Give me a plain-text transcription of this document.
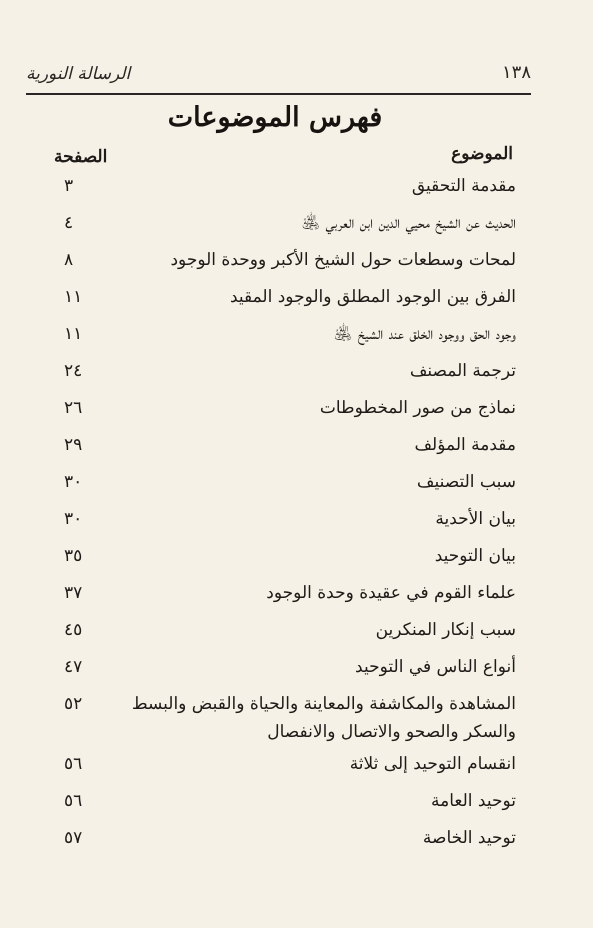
الرسالة النورية	١٣٨
فهرس الموضوعات
الموضوع
الصفحة
مقدمة التحقيق
٣
الحديث عن الشيخ محيي الدين ابن العربي ﵁
٤
لمحات وسطعات حول الشيخ الأكبر ووحدة الوجود
٨
الفرق بين الوجود المطلق والوجود المقيد
١١
وجود الحق ووجود الخلق عند الشيخ ﵁
١١
ترجمة المصنف
٢٤
نماذج من صور المخطوطات
٢٦
مقدمة المؤلف
٢٩
سبب التصنيف
٣٠
بيان الأحدية
٣٠
بيان التوحيد
٣٥
علماء القوم في عقيدة وحدة الوجود
٣٧
سبب إنكار المنكرين
٤٥
أنواع الناس في التوحيد
٤٧
المشاهدة والمكاشفة والمعاينة والحياة والقبض والبسط والسكر والصحو والاتصال والانفصال
٥٢
انقسام التوحيد إلى ثلاثة
٥٦
توحيد العامة
٥٦
توحيد الخاصة
٥٧
